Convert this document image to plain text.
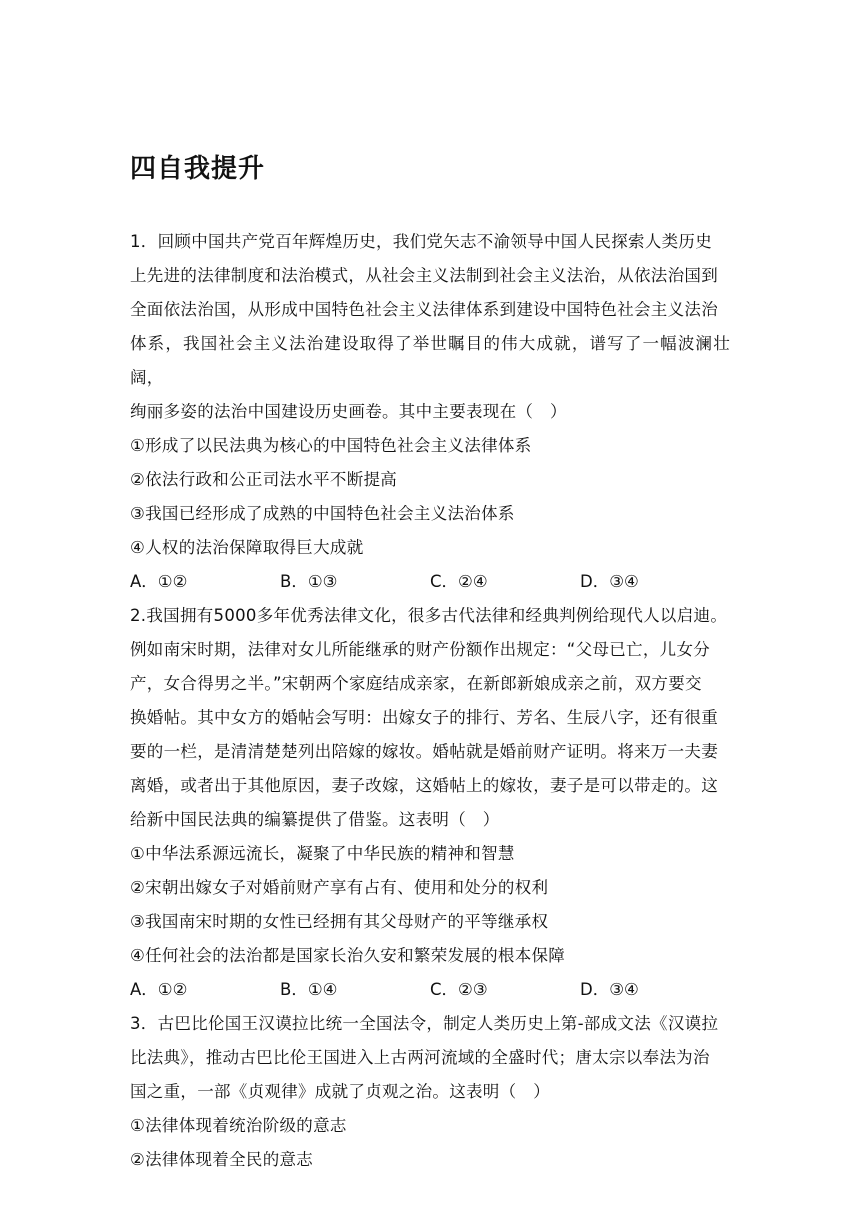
四自我提升

1．回顾中国共产党百年辉煌历史，我们党矢志不渝领导中国人民探索人类历史

上先进的法律制度和法治模式，从社会主义法制到社会主义法治，从依法治国到

全面依法治国，从形成中国特色社会主义法律体系到建设中国特色社会主义法治

体系，我国社会主义法治建设取得了举世瞩目的伟大成就，谱写了一幅波澜壮阔，

绚丽多姿的法治中国建设历史画卷。其中主要表现在（　）

①形成了以民法典为核心的中国特色社会主义法律体系

②依法行政和公正司法水平不断提高

③我国已经形成了成熟的中国特色社会主义法治体系

④人权的法治保障取得巨大成就

A．①②	B．①③	C．②④	D．③④

2.我国拥有5000多年优秀法律文化，很多古代法律和经典判例给现代人以启迪。

例如南宋时期，法律对女儿所能继承的财产份额作出规定：“父母已亡，儿女分

产，女合得男之半。”宋朝两个家庭结成亲家，在新郎新娘成亲之前，双方要交

换婚帖。其中女方的婚帖会写明：出嫁女子的排行、芳名、生辰八字，还有很重

要的一栏，是清清楚楚列出陪嫁的嫁妆。婚帖就是婚前财产证明。将来万一夫妻

离婚，或者出于其他原因，妻子改嫁，这婚帖上的嫁妆，妻子是可以带走的。这

给新中国民法典的编纂提供了借鉴。这表明（　）

①中华法系源远流长，凝聚了中华民族的精神和智慧

②宋朝出嫁女子对婚前财产享有占有、使用和处分的权利

③我国南宋时期的女性已经拥有其父母财产的平等继承权

④任何社会的法治都是国家长治久安和繁荣发展的根本保障

A．①②	B．①④	C．②③	D．③④

3．古巴比伦国王汉谟拉比统一全国法令，制定人类历史上第-部成文法《汉谟拉

比法典》，推动古巴比伦王国进入上古两河流域的全盛时代；唐太宗以奉法为治

国之重，一部《贞观律》成就了贞观之治。这表明（　）

①法律体现着统治阶级的意志

②法律体现着全民的意志
